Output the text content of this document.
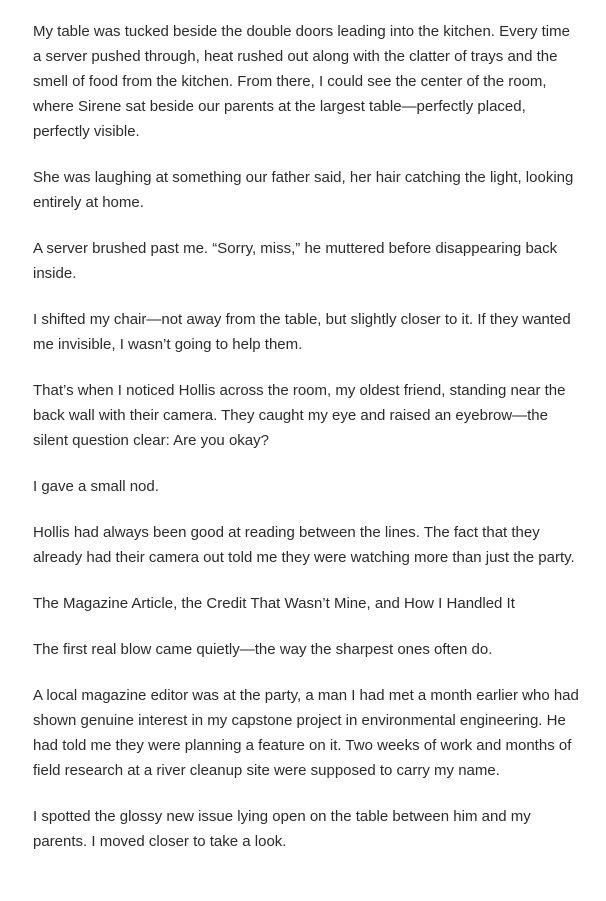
My table was tucked beside the double doors leading into the kitchen. Every time a server pushed through, heat rushed out along with the clatter of trays and the smell of food from the kitchen. From there, I could see the center of the room, where Sirene sat beside our parents at the largest table—perfectly placed, perfectly visible.

She was laughing at something our father said, her hair catching the light, looking entirely at home.

A server brushed past me. “Sorry, miss,” he muttered before disappearing back inside.

I shifted my chair—not away from the table, but slightly closer to it. If they wanted me invisible, I wasn’t going to help them.

That’s when I noticed Hollis across the room, my oldest friend, standing near the back wall with their camera. They caught my eye and raised an eyebrow—the silent question clear: Are you okay?

I gave a small nod.

Hollis had always been good at reading between the lines. The fact that they already had their camera out told me they were watching more than just the party.

The Magazine Article, the Credit That Wasn’t Mine, and How I Handled It

The first real blow came quietly—the way the sharpest ones often do.

A local magazine editor was at the party, a man I had met a month earlier who had shown genuine interest in my capstone project in environmental engineering. He had told me they were planning a feature on it. Two weeks of work and months of field research at a river cleanup site were supposed to carry my name.

I spotted the glossy new issue lying open on the table between him and my parents. I moved closer to take a look.
